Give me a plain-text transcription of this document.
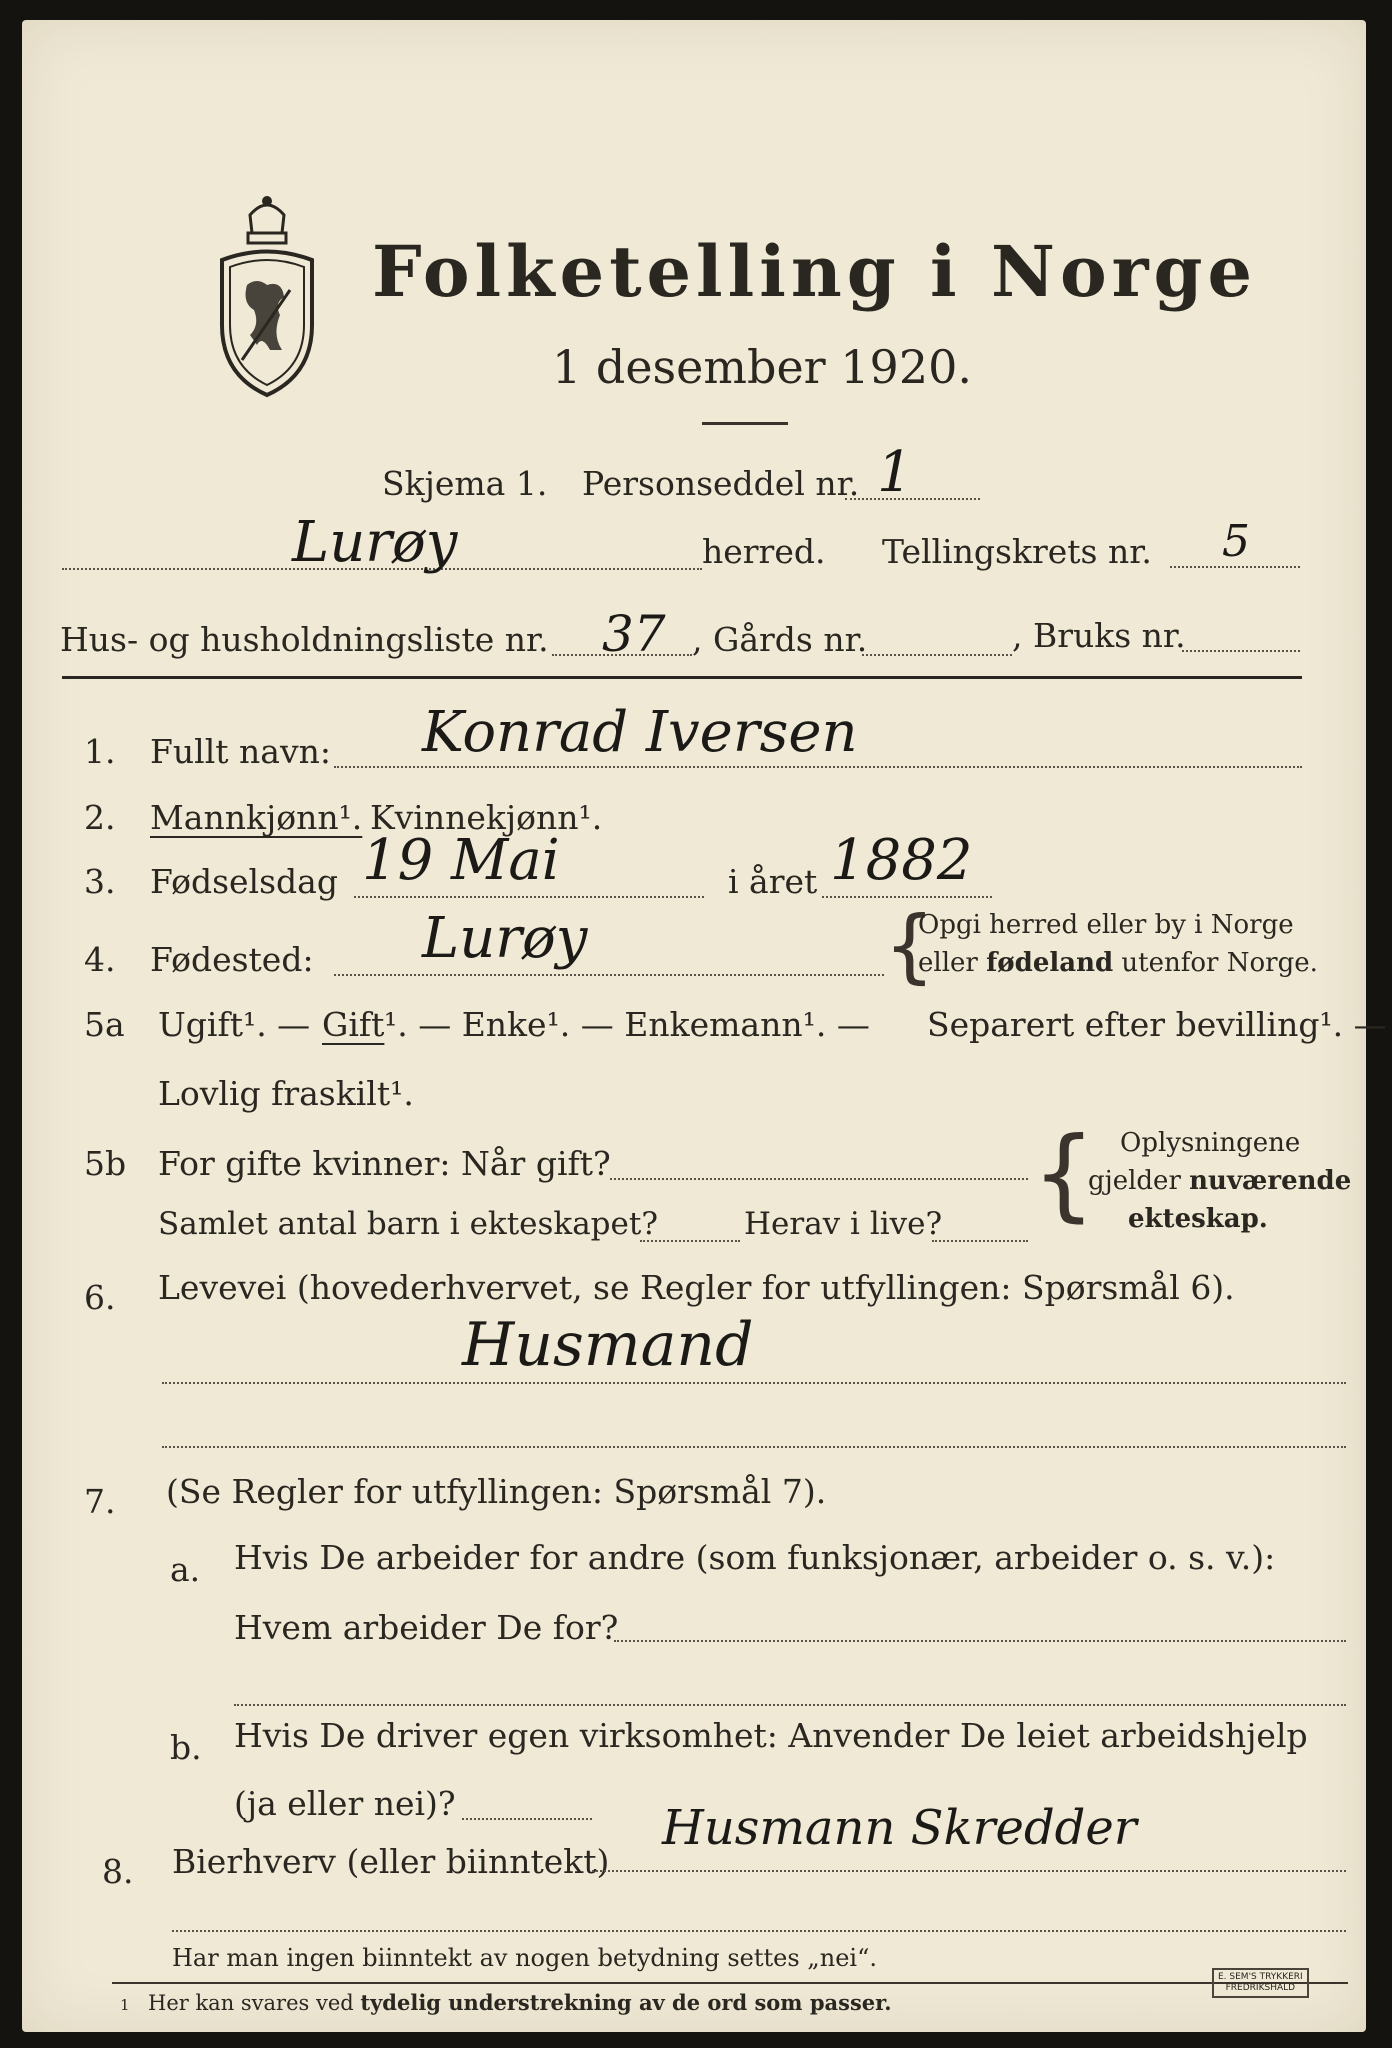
Folketelling i Norge
1 desember 1920.
Skjema 1. Personseddel nr. 1
Lurøy	herred. Tellingskrets nr. 5
Hus- og husholdningsliste nr. 37 , Gårds nr.	, Bruks nr.
1. Fullt navn: Konrad Iversen
2. Mannkjønn¹. Kvinnekjønn¹.
3. Fødselsdag 19 Mai	i året 1882
4. Fødested: Lurøy	{
Opgi herred eller by i Norge
eller fødeland utenfor Norge.
5a Ugift¹. — Gift ¹. — Enke¹. — Enkemann¹. — Separert efter bevilling¹. —
Lovlig fraskilt¹.
5b For gifte kvinner: Når gift?
Samlet antal barn i ekteskapet?	Herav i live? { Oplysningene
gjelder nuværende
ekteskap.
6. Levevei (hovederhvervet, se Regler for utfyllingen: Spørsmål 6).
Husmand
7. (Se Regler for utfyllingen: Spørsmål 7).
a. Hvis De arbeider for andre (som funksjonær, arbeider o. s. v.):
Hvem arbeider De for?
b. Hvis De driver egen virksomhet: Anvender De leiet arbeidshjelp
(ja eller nei)?
8. Bierhverv (eller biinntekt)
Husmann Skredder
Har man ingen biinntekt av nogen betydning settes „nei“.
1 Her kan svares ved tydelig understrekning av de ord som passer.
E. SEM'S TRYKKERI
FREDRIKSHALD
